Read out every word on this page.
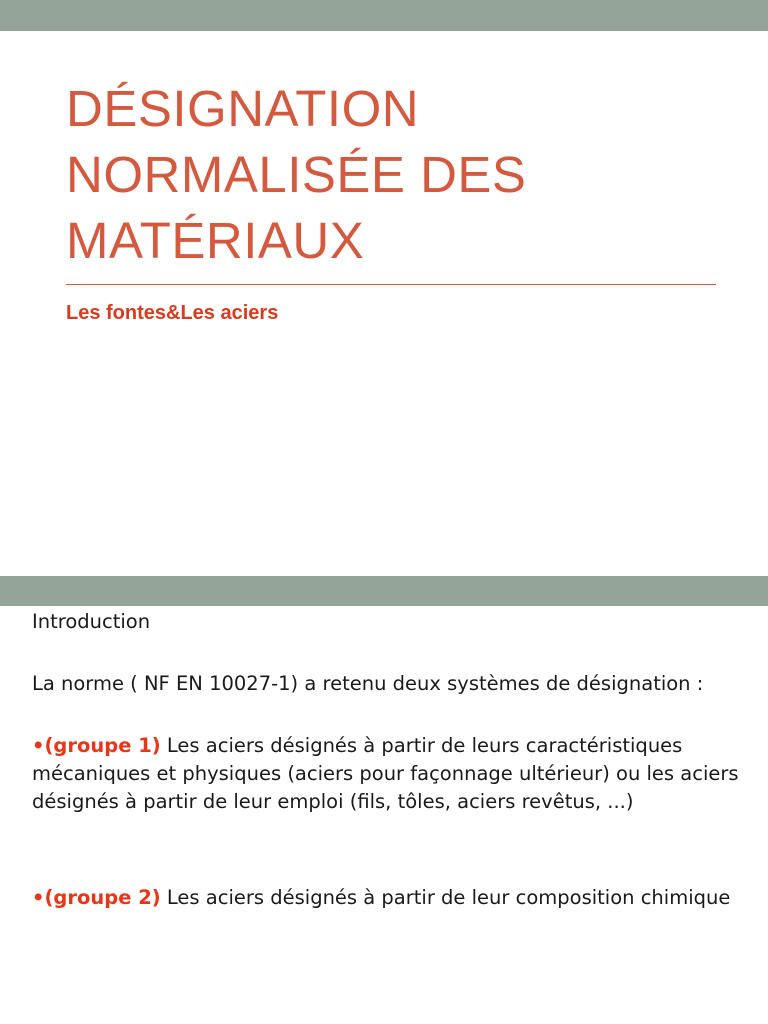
DÉSIGNATION
NORMALISÉE DES
MATÉRIAUX

Les fontes&Les aciers

Introduction

La norme ( NF EN 10027-1) a retenu deux systèmes de désignation :

•(groupe 1) Les aciers désignés à partir de leurs caractéristiques mécaniques et physiques (aciers pour façonnage ultérieur) ou les aciers désignés à partir de leur emploi (fils, tôles, aciers revêtus, ...)

•(groupe 2) Les aciers désignés à partir de leur composition chimique
